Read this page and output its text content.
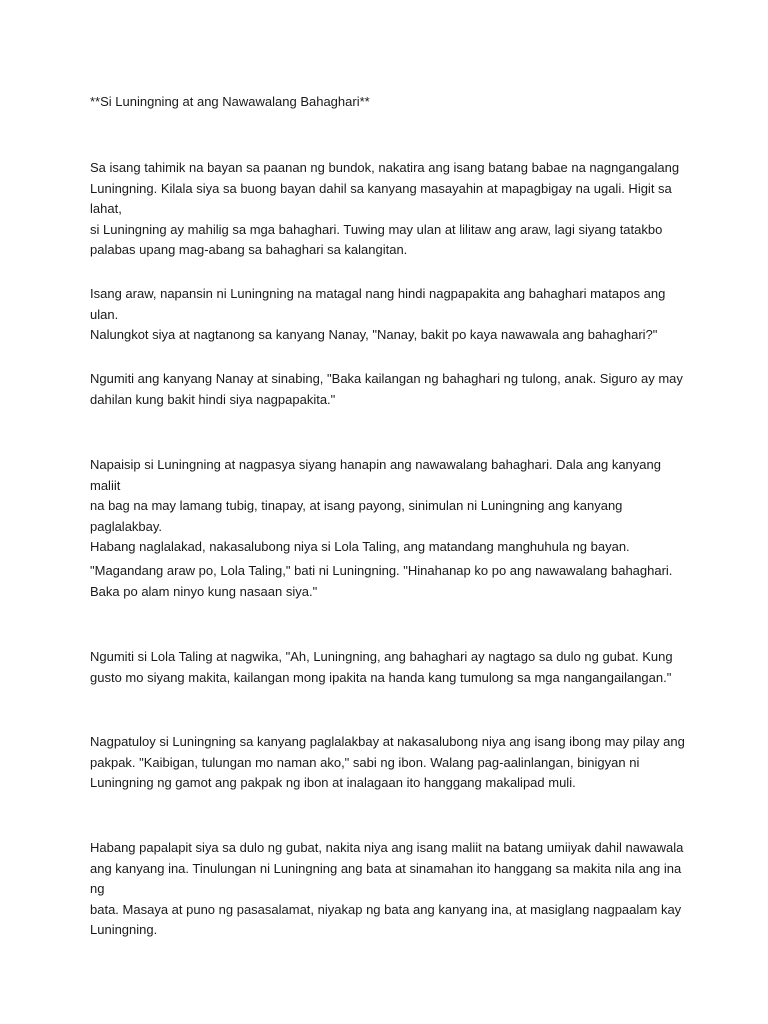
**Si Luningning at ang Nawawalang Bahaghari**

Sa isang tahimik na bayan sa paanan ng bundok, nakatira ang isang batang babae na nagngangalang
Luningning. Kilala siya sa buong bayan dahil sa kanyang masayahin at mapagbigay na ugali. Higit sa lahat,
si Luningning ay mahilig sa mga bahaghari. Tuwing may ulan at lilitaw ang araw, lagi siyang tatakbo
palabas upang mag-abang sa bahaghari sa kalangitan.

Isang araw, napansin ni Luningning na matagal nang hindi nagpapakita ang bahaghari matapos ang ulan.
Nalungkot siya at nagtanong sa kanyang Nanay, "Nanay, bakit po kaya nawawala ang bahaghari?"

Ngumiti ang kanyang Nanay at sinabing, "Baka kailangan ng bahaghari ng tulong, anak. Siguro ay may
dahilan kung bakit hindi siya nagpapakita."

Napaisip si Luningning at nagpasya siyang hanapin ang nawawalang bahaghari. Dala ang kanyang maliit
na bag na may lamang tubig, tinapay, at isang payong, sinimulan ni Luningning ang kanyang paglalakbay.
Habang naglalakad, nakasalubong niya si Lola Taling, ang matandang manghuhula ng bayan.

"Magandang araw po, Lola Taling," bati ni Luningning. "Hinahanap ko po ang nawawalang bahaghari.
Baka po alam ninyo kung nasaan siya."

Ngumiti si Lola Taling at nagwika, "Ah, Luningning, ang bahaghari ay nagtago sa dulo ng gubat. Kung
gusto mo siyang makita, kailangan mong ipakita na handa kang tumulong sa mga nangangailangan."

Nagpatuloy si Luningning sa kanyang paglalakbay at nakasalubong niya ang isang ibong may pilay ang
pakpak. "Kaibigan, tulungan mo naman ako," sabi ng ibon. Walang pag-aalinlangan, binigyan ni
Luningning ng gamot ang pakpak ng ibon at inalagaan ito hanggang makalipad muli.

Habang papalapit siya sa dulo ng gubat, nakita niya ang isang maliit na batang umiiyak dahil nawawala
ang kanyang ina. Tinulungan ni Luningning ang bata at sinamahan ito hanggang sa makita nila ang ina ng
bata. Masaya at puno ng pasasalamat, niyakap ng bata ang kanyang ina, at masiglang nagpaalam kay
Luningning.
